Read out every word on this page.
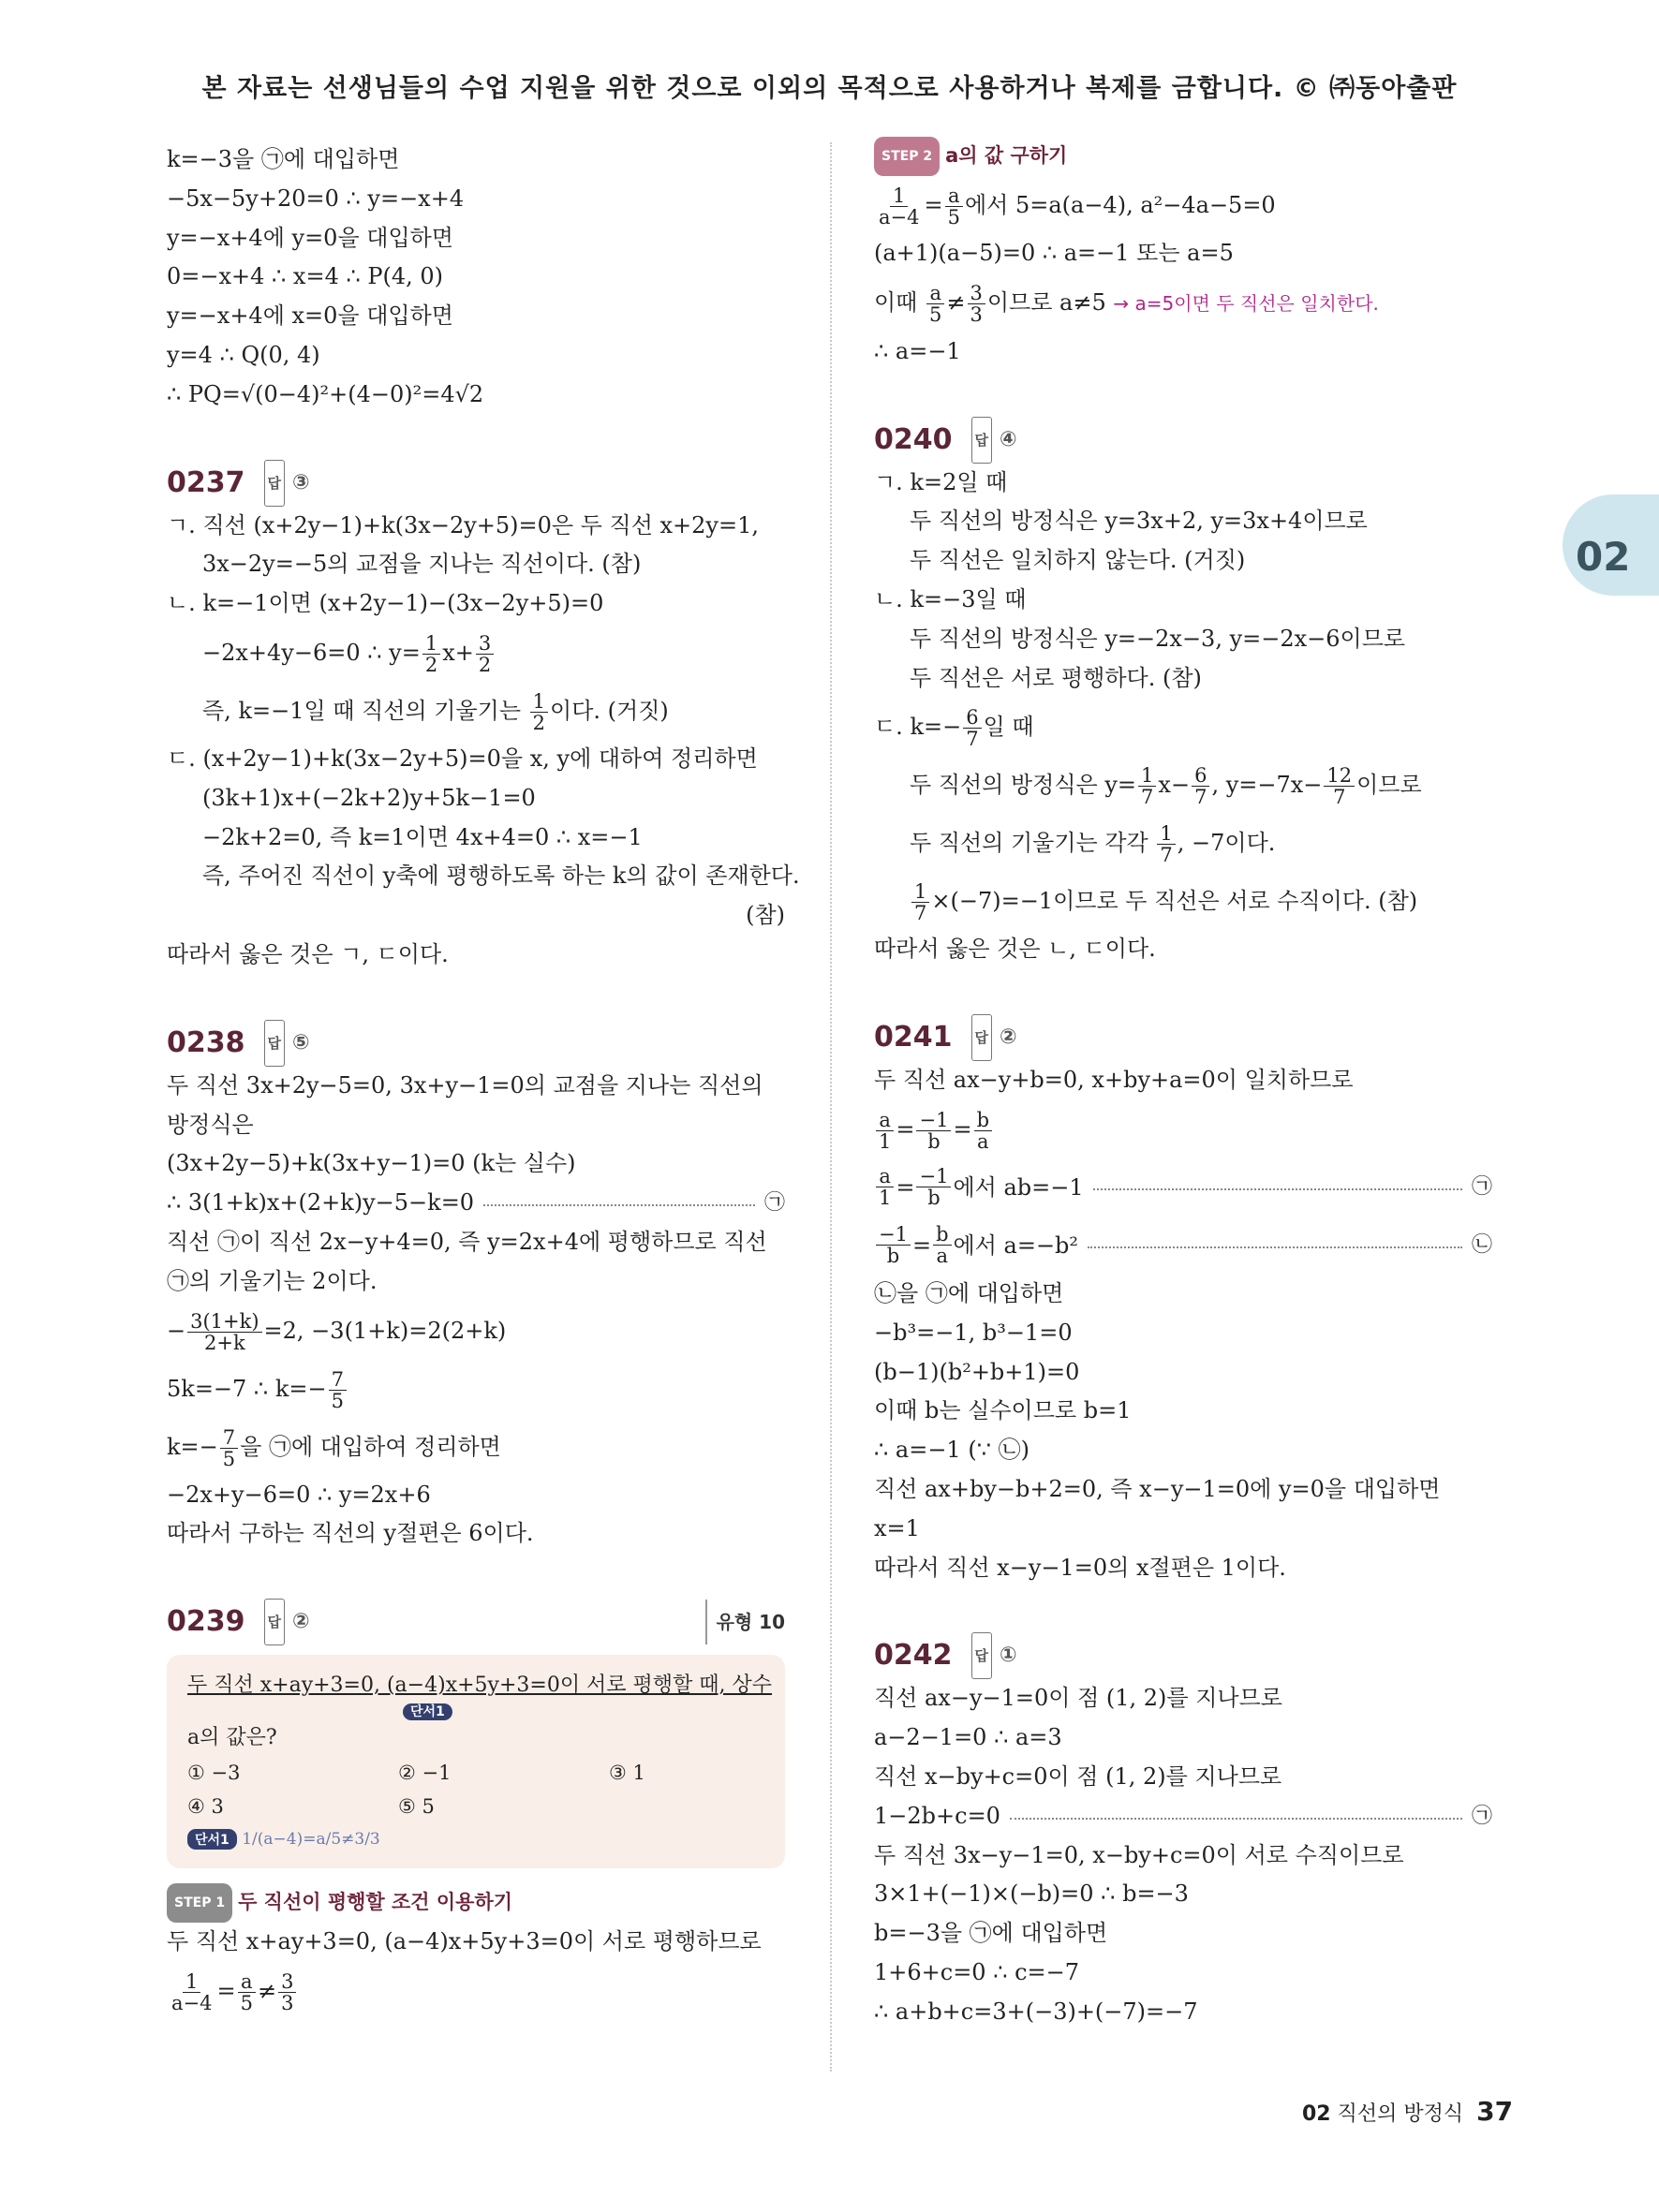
본 자료는 선생님들의 수업 지원을 위한 것으로 이외의 목적으로 사용하거나 복제를 금합니다. © ㈜동아출판
02
k=−3을 ㉠에 대입하면
−5x−5y+20=0 ∴ y=−x+4
y=−x+4에 y=0을 대입하면
0=−x+4 ∴ x=4 ∴ P(4, 0)
y=−x+4에 x=0을 대입하면
y=4 ∴ Q(0, 4)
∴ PQ=√(0−4)²+(4−0)²=4√2
0237 답 ③
ㄱ. 직선 (x+2y−1)+k(3x−2y+5)=0은 두 직선 x+2y=1,
3x−2y=−5의 교점을 지나는 직선이다. (참)
ㄴ. k=−1이면 (x+2y−1)−(3x−2y+5)=0
−2x+4y−6=0 ∴ $y= \frac{1}{2} x+ \frac{3}{2}$
즉, k=−1일 때 직선의 기울기는 $\frac{1}{2}$ 이다. (거짓)
ㄷ. (x+2y−1)+k(3x−2y+5)=0을 x, y에 대하여 정리하면
(3k+1)x+(−2k+2)y+5k−1=0
−2k+2=0, 즉 k=1이면 4x+4=0 ∴ x=−1
즉, 주어진 직선이 y축에 평행하도록 하는 k의 값이 존재한다.
(참)
따라서 옳은 것은 ㄱ, ㄷ이다.
0238 답 ⑤
두 직선 3x+2y−5=0, 3x+y−1=0의 교점을 지나는 직선의
방정식은
(3x+2y−5)+k(3x+y−1)=0 (k는 실수)
∴ 3(1+k)x+(2+k)y−5−k=0	㉠
직선 ㉠이 직선 2x−y+4=0, 즉 y=2x+4에 평행하므로 직선
㉠의 기울기는 2이다.
− $\frac{3(1+k)}{2+k} =2$, −3(1+k)=2(2+k)
5k=−7 ∴ $k=- \frac{7}{5}$
$k=- \frac{7}{5}$ 을 ㉠에 대입하여 정리하면
−2x+y−6=0 ∴ y=2x+6
따라서 구하는 직선의 y절편은 6이다.
0239 답 ②	유형 10
두 직선 x+ay+3=0, (a−4)x+5y+3=0이 서로 평행할 때, 상수
단서1
a의 값은?
① −3	② −1	③ 1
④ 3	⑤ 5
단서1 1/(a−4)=a/5≠3/3
STEP 1 두 직선이 평행할 조건 이용하기
두 직선 x+ay+3=0, (a−4)x+5y+3=0이 서로 평행하므로
$\frac{1}{a-4} = \frac{a}{5} \ne \frac{3}{3}$
STEP 2 a의 값 구하기
$\frac{1}{a-4} = \frac{a}{5}$ 에서 5=a(a−4), a²−4a−5=0
(a+1)(a−5)=0 ∴ a=−1 또는 a=5
이때 $\frac{a}{5} \ne \frac{3}{3}$ 이므로 a≠5 → a=5이면 두 직선은 일치한다.
∴ a=−1
0240 답 ④
ㄱ. k=2일 때
두 직선의 방정식은 y=3x+2, y=3x+4이므로
두 직선은 일치하지 않는다. (거짓)
ㄴ. k=−3일 때
두 직선의 방정식은 y=−2x−3, y=−2x−6이므로
두 직선은 서로 평행하다. (참)
ㄷ. $k=- \frac{6}{7}$ 일 때
두 직선의 방정식은 $y= \frac{1}{7} x- \frac{6}{7}$ , $y=-7x- \frac{12}{7}$ 이므로
두 직선의 기울기는 각각 $\frac{1}{7}$ , −7이다.
$\frac{1}{7} \times(-7)=-1$이므로 두 직선은 서로 수직이다. (참)
따라서 옳은 것은 ㄴ, ㄷ이다.
0241 답 ②
두 직선 ax−y+b=0, x+by+a=0이 일치하므로
$\frac{a}{1} = \frac{-1}{b} = \frac{b}{a}$
$\frac{a}{1} = \frac{-1}{b}$ 에서 ab=−1	㉠
$\frac{-1}{b} = \frac{b}{a}$ 에서 a=−b²	㉡
㉡을 ㉠에 대입하면
−b³=−1, b³−1=0
(b−1)(b²+b+1)=0
이때 b는 실수이므로 b=1
∴ a=−1 (∵ ㉡)
직선 ax+by−b+2=0, 즉 x−y−1=0에 y=0을 대입하면
x=1
따라서 직선 x−y−1=0의 x절편은 1이다.
0242 답 ①
직선 ax−y−1=0이 점 (1, 2)를 지나므로
a−2−1=0 ∴ a=3
직선 x−by+c=0이 점 (1, 2)를 지나므로
1−2b+c=0	㉠
두 직선 3x−y−1=0, x−by+c=0이 서로 수직이므로
3×1+(−1)×(−b)=0 ∴ b=−3
b=−3을 ㉠에 대입하면
1+6+c=0 ∴ c=−7
∴ a+b+c=3+(−3)+(−7)=−7
02 직선의 방정식 37
